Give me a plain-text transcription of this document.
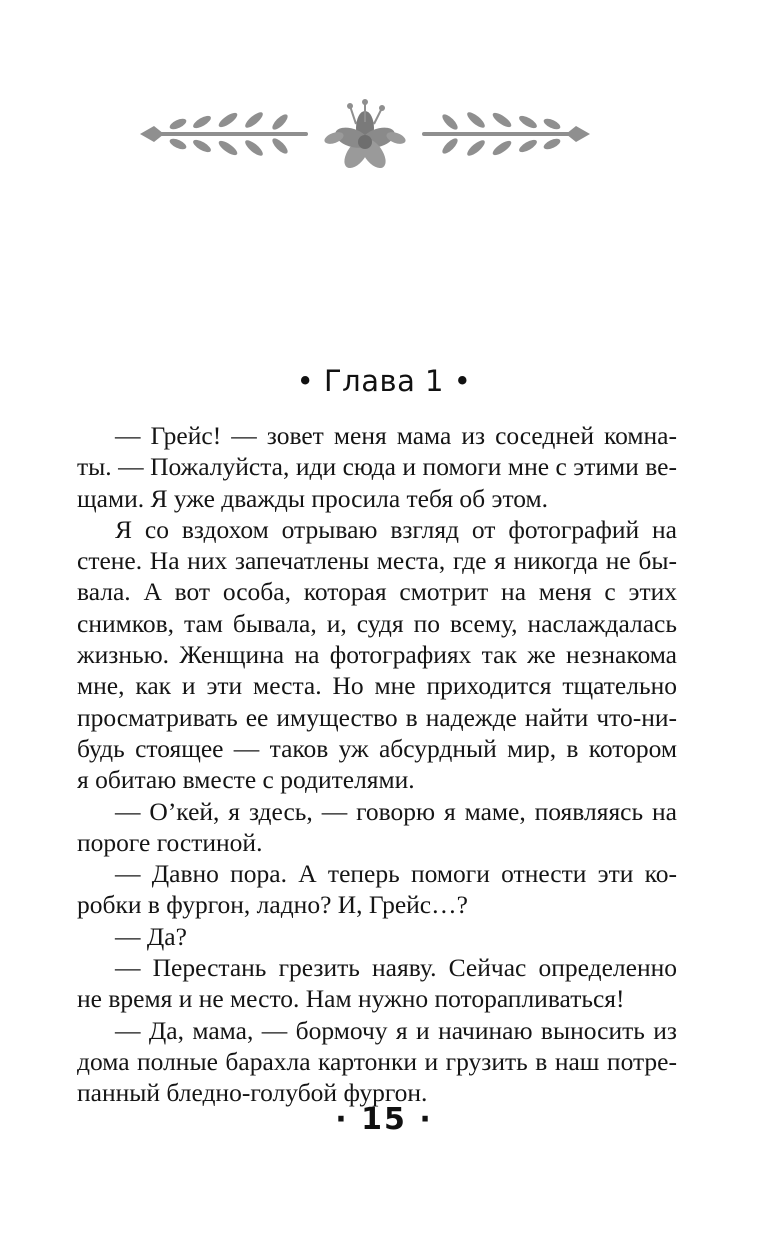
• Глава 1 •
— Грейс! — зовет меня мама из соседней комна-
ты. — Пожалуйста, иди сюда и помоги мне с этими ве-
щами. Я уже дважды просила тебя об этом.
Я со вздохом отрываю взгляд от фотографий на
стене. На них запечатлены места, где я никогда не бы-
вала. А вот особа, которая смотрит на меня с этих
снимков, там бывала, и, судя по всему, наслаждалась
жизнью. Женщина на фотографиях так же незнакома
мне, как и эти места. Но мне приходится тщательно
просматривать ее имущество в надежде найти что-ни-
будь стоящее — таков уж абсурдный мир, в котором
я обитаю вместе с родителями.
— О’кей, я здесь, — говорю я маме, появляясь на
пороге гостиной.
— Давно пора. А теперь помоги отнести эти ко-
робки в фургон, ладно? И, Грейс…?
— Да?
— Перестань грезить наяву. Сейчас определенно
не время и не место. Нам нужно поторапливаться!
— Да, мама, — бормочу я и начинаю выносить из
дома полные барахла картонки и грузить в наш потре-
панный бледно-голубой фургон.
· 15 ·
